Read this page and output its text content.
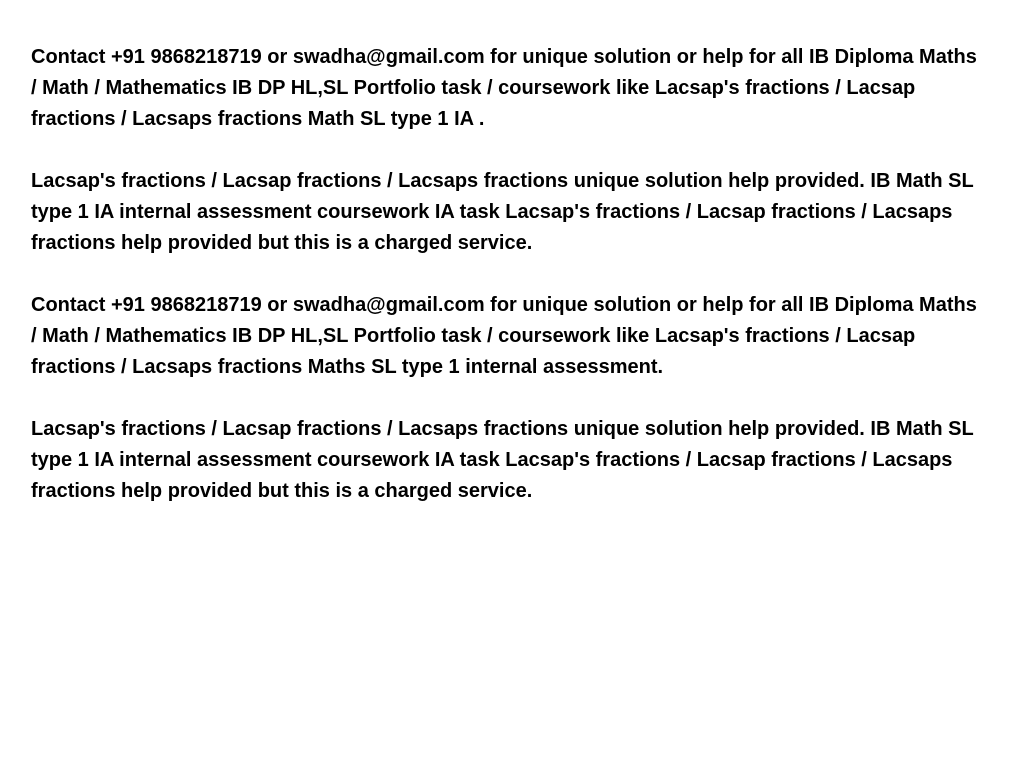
Contact +91 9868218719 or swadha@gmail.com for unique solution or help for all IB Diploma Maths  / Math / Mathematics IB DP HL,SL Portfolio task / coursework like Lacsap's fractions / Lacsap fractions / Lacsaps fractions Math SL type 1 IA .

Lacsap's fractions / Lacsap fractions / Lacsaps fractions unique solution help provided. IB Math SL type 1 IA internal assessment coursework IA task Lacsap's fractions / Lacsap fractions / Lacsaps fractions help provided but this is a charged service.

Contact +91 9868218719 or swadha@gmail.com for unique solution or help for all IB Diploma Maths  / Math / Mathematics IB DP HL,SL Portfolio task / coursework like Lacsap's fractions / Lacsap fractions / Lacsaps fractions Maths SL type 1 internal assessment.

Lacsap's fractions / Lacsap fractions / Lacsaps fractions unique solution help provided. IB Math SL type 1 IA internal assessment coursework IA task Lacsap's fractions / Lacsap fractions / Lacsaps fractions help provided but this is a charged service.
